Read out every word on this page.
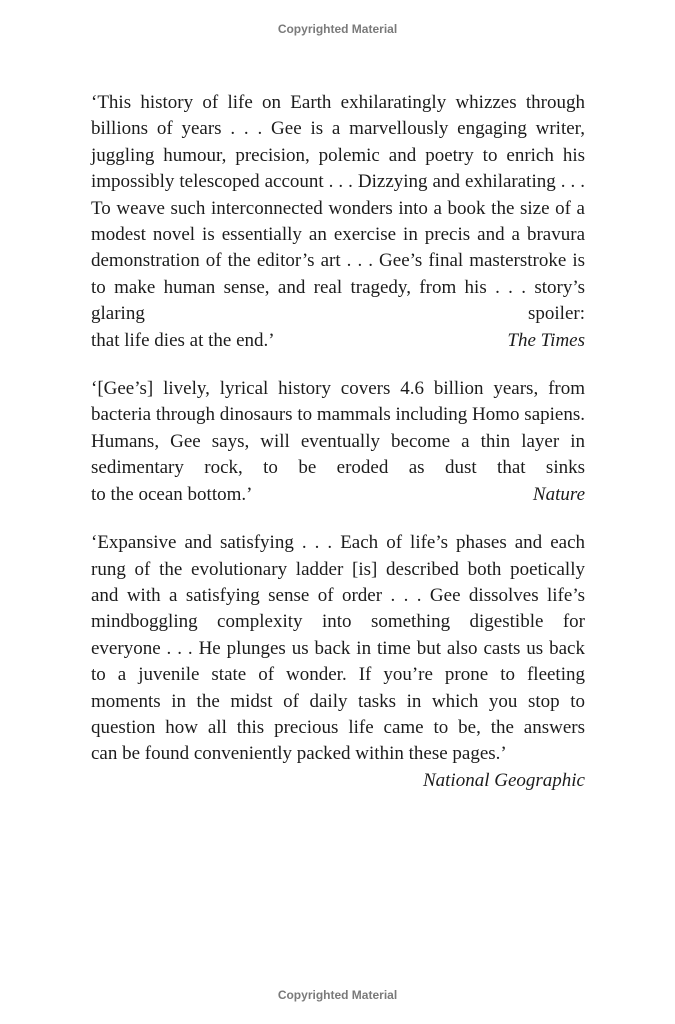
Copyrighted Material

‘This history of life on Earth exhilaratingly whizzes through billions of years . . . Gee is a marvellously engaging writer, juggling humour, precision, polemic and poetry to enrich his impossibly telescoped account . . . Dizzying and exhilarating . . . To weave such interconnected wonders into a book the size of a modest novel is essentially an exercise in precis and a bravura demonstration of the editor’s art . . . Gee’s final masterstroke is to make human sense, and real tragedy, from his . . . story’s glaring spoiler:

that life dies at the end.’	The Times

‘[Gee’s] lively, lyrical history covers 4.6 billion years, from bacteria through dinosaurs to mammals including Homo sapiens. Humans, Gee says, will eventually become a thin layer in sedimentary rock, to be eroded as dust that sinks

to the ocean bottom.’	Nature

‘Expansive and satisfying . . . Each of life’s phases and each rung of the evolutionary ladder [is] described both poetically and with a satisfying sense of order . . . Gee dissolves life’s mindboggling complexity into something digestible for everyone . . . He plunges us back in time but also casts us back to a juvenile state of wonder. If you’re prone to fleeting moments in the midst of daily tasks in which you stop to question how all this precious life came to be, the answers

can be found conveniently packed within these pages.’
National Geographic
Copyrighted Material
